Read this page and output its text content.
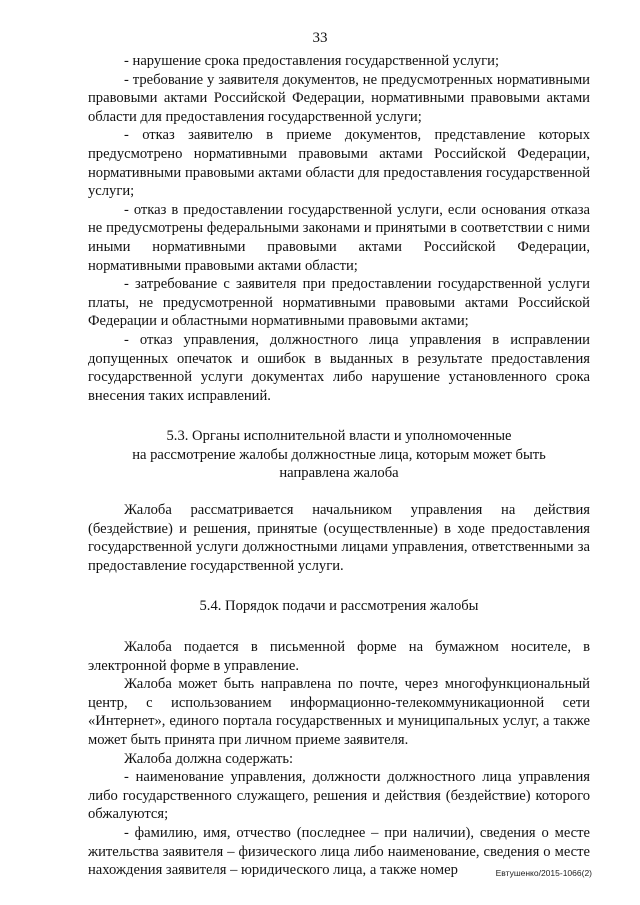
33

- нарушение срока предоставления государственной услуги;

- требование у заявителя документов, не предусмотренных нормативными правовыми актами Российской Федерации, нормативными правовыми актами области для предоставления государственной услуги;

- отказ заявителю в приеме документов, представление которых предусмотрено нормативными правовыми актами Российской Федерации, нормативными правовыми актами области для предоставления государственной услуги;

- отказ в предоставлении государственной услуги, если основания отказа не предусмотрены федеральными законами и принятыми в соответствии с ними иными нормативными правовыми актами Российской Федерации, нормативными правовыми актами области;

- затребование с заявителя при предоставлении государственной услуги платы, не предусмотренной нормативными правовыми актами Российской Федерации и областными нормативными правовыми актами;

- отказ управления, должностного лица управления в исправлении допущенных опечаток и ошибок в выданных в результате предоставления государственной услуги документах либо нарушение установленного срока внесения таких исправлений.

5.3. Органы исполнительной власти и уполномоченные

на рассмотрение жалобы должностные лица, которым может быть

направлена жалоба

Жалоба рассматривается начальником управления на действия (бездействие) и решения, принятые (осуществленные) в ходе предоставления государственной услуги должностными лицами управления, ответственными за предоставление государственной услуги.

5.4. Порядок подачи и рассмотрения жалобы

Жалоба подается в письменной форме на бумажном носителе, в электронной форме в управление.

Жалоба может быть направлена по почте, через многофункциональный центр, с использованием информационно-телекоммуникационной сети «Интернет», единого портала государственных и муниципальных услуг, а также может быть принята при личном приеме заявителя.

Жалоба должна содержать:

- наименование управления, должности должностного лица управления либо государственного служащего, решения и действия (бездействие) которого обжалуются;

- фамилию, имя, отчество (последнее – при наличии), сведения о месте жительства заявителя – физического лица либо наименование, сведения о месте нахождения заявителя – юридического лица, а также номер	Евтушенко/2015-1066(2)
